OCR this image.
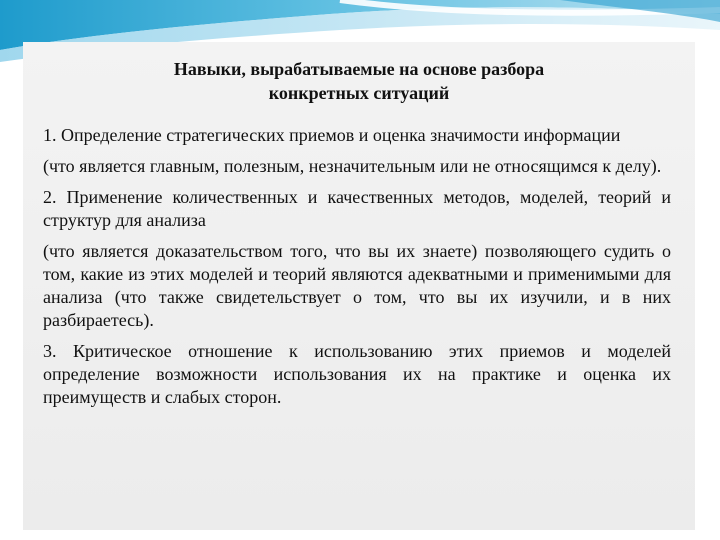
Навыки, вырабатываемые на основе разбора
конкретных ситуаций

1. Определение стратегических приемов и оценка значимости информации

(что является главным, полезным, незначительным или не относящимся к делу).

2. Применение количественных и качественных методов, моделей, теорий и структур для анализа

(что является доказательством того, что вы их знаете) позволяющего судить о том, какие из этих моделей и теорий являются адекватными и применимыми для анализа (что также свидетельствует о том, что вы их изучили, и в них разбираетесь).

3. Критическое отношение к использованию этих приемов и моделей определение возможности использования их на практике и оценка их преимуществ и слабых сторон.
